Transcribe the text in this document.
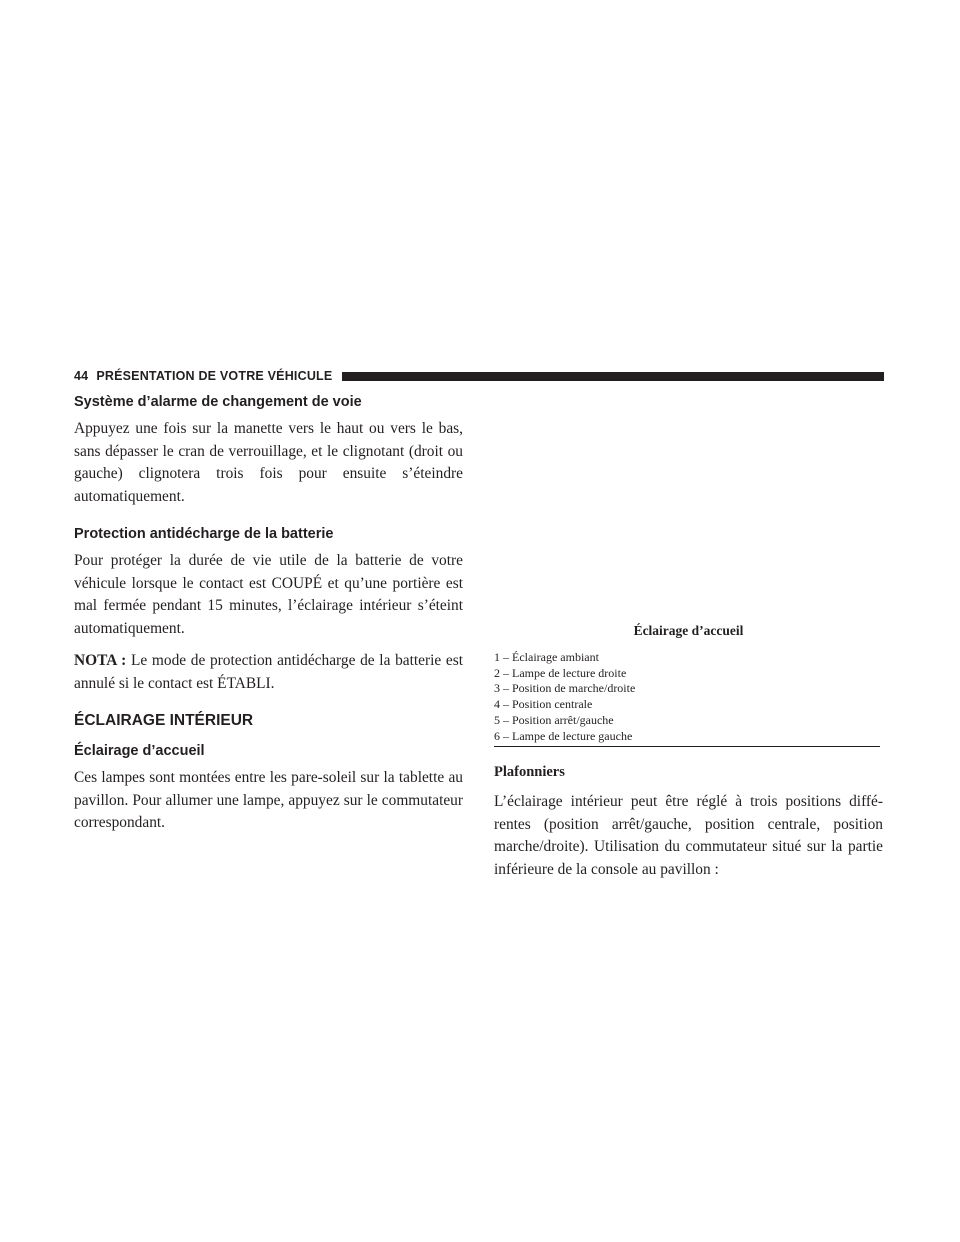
44 PRÉSENTATION DE VOTRE VÉHICULE
Système d’alarme de changement de voie

Appuyez une fois sur la manette vers le haut ou vers le bas, sans dépasser le cran de verrouillage, et le clignotant (droit ou gauche) clignotera trois fois pour ensuite s’éteindre automatiquement.

Protection antidécharge de la batterie

Pour protéger la durée de vie utile de la batterie de votre véhicule lorsque le contact est COUPÉ et qu’une portière est mal fermée pendant 15 minutes, l’éclairage intérieur s’éteint automatiquement.

NOTA : Le mode de protection antidécharge de la batterie est annulé si le contact est ÉTABLI.

ÉCLAIRAGE INTÉRIEUR
Éclairage d’accueil

Ces lampes sont montées entre les pare-soleil sur la tablette au pavillon. Pour allumer une lampe, appuyez sur le commutateur correspondant.

Éclairage d’accueil

1 – Éclairage ambiant

2 – Lampe de lecture droite

3 – Position de marche/droite

4 – Position centrale

5 – Position arrêt/gauche

6 – Lampe de lecture gauche

Plafonniers

L’éclairage intérieur peut être réglé à trois positions diffé-rentes (position arrêt/gauche, position centrale, position marche/droite). Utilisation du commutateur situé sur la partie inférieure de la console au pavillon :
